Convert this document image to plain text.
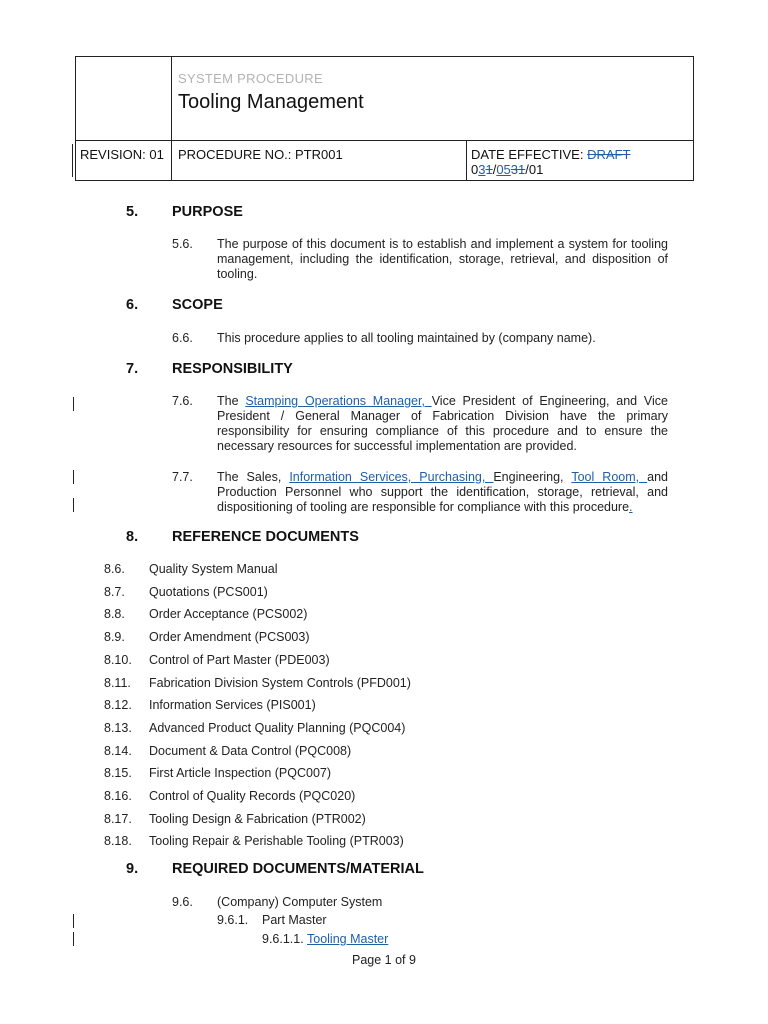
SYSTEM PROCEDURE
Tooling Management
REVISION: 01 PROCEDURE NO.: PTR001	DATE EFFECTIVE: DRAFT
031/0531/01
5. PURPOSE
5.6. The purpose of this document is to establish and implement a system for tooling management, including the identification, storage, retrieval, and disposition of tooling.
6. SCOPE
6.6. This procedure applies to all tooling maintained by (company name).
7. RESPONSIBILITY
7.6. The Stamping Operations Manager, Vice President of Engineering, and Vice President / General Manager of Fabrication Division have the primary responsibility for ensuring compliance of this procedure and to ensure the necessary resources for successful implementation are provided.
7.7. The Sales, Information Services, Purchasing, Engineering, Tool Room, and Production Personnel who support the identification, storage, retrieval, and dispositioning of tooling are responsible for compliance with this procedure.
8. REFERENCE DOCUMENTS
8.6. Quality System Manual
8.7. Quotations (PCS001)
8.8. Order Acceptance (PCS002)
8.9. Order Amendment (PCS003)
8.10. Control of Part Master (PDE003)
8.11. Fabrication Division System Controls (PFD001)
8.12. Information Services (PIS001)
8.13. Advanced Product Quality Planning (PQC004)
8.14. Document & Data Control (PQC008)
8.15. First Article Inspection (PQC007)
8.16. Control of Quality Records (PQC020)
8.17. Tooling Design & Fabrication (PTR002)
8.18. Tooling Repair & Perishable Tooling (PTR003)
9. REQUIRED DOCUMENTS/MATERIAL
9.6. (Company) Computer System
9.6.1. Part Master
9.6.1.1. Tooling Master
Page 1 of 9
